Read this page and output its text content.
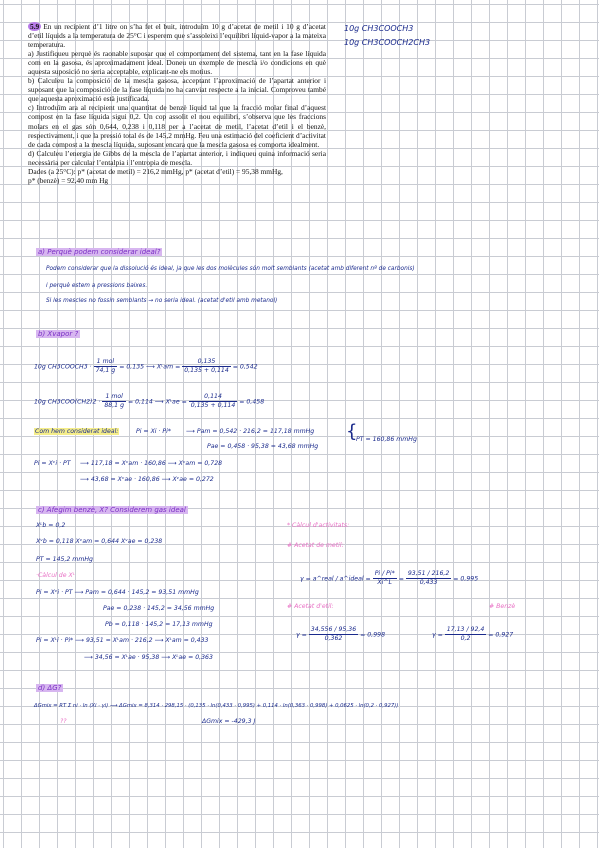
5.9 En un recipient d’1 litre on s’ha fet el buit, introduïm 10 g d’acetat de metil i 10 g d’acetat d’etil líquids a la temperatura de 25°C i esperem que s’assoleixi l’equilibri líquid-vapor a la mateixa temperatura.

a) Justifiqueu perquè és raonable suposar que el comportament del sistema, tant en la fase líquida com en la gasosa, és aproximadament ideal. Doneu un exemple de mescla i/o condicions en què aquesta suposició no seria acceptable, explicant-ne els motius.

b) Calculeu la composició de la mescla gasosa, acceptant l’aproximació de l’apartat anterior i suposant que la composició de la fase líquida no ha canviat respecte a la inicial. Comproveu també que aquesta aproximació està justificada.

c) Introduïm ara al recipient una quantitat de benzè líquid tal que la fracció molar final d’aquest compost en la fase líquida sigui 0,2. Un cop assolit el nou equilibri, s’observa que les fraccions molars en el gas són 0,644, 0,238 i 0,118 per a l’acetat de metil, l’acetat d’etil i el benzè, respectivament, i que la pressió total és de 145,2 mmHg. Feu una estimació del coeficient d’activitat de cada compost a la mescla líquida, suposant encara que la mescla gasosa es comporta idealment.

d) Calculeu l’energia de Gibbs de la mescla de l’apartat anterior, i indiqueu quina informació seria necessària per calcular l’entalpia i l’entropia de mescla.

Dades (a 25°C): p* (acetat de metil) = 216,2 mmHg, p* (acetat d’etil) = 95,38 mmHg,

p* (benzè) = 92,40 mm Hg

10g CH3COOCH3
10g CH3COOCH2CH3
a) Perquè podem considerar ideal?
Podem considerar que la dissolució és ideal, ja que les dos molècules són molt semblants (acetat amb diferent nº de carbonis)
i perquè estem a pressions baixes.
Si les mescles no fossin semblants → no seria ideal. (acetat d'etil amb metanol)
b) Xvapor ?
10g CH3COOCH3 · $\frac{\text{1 mol}}{74,1 g} = 0,135$ ⟶ Xᴸam = $\frac{0,135}{0,135 + 0,114} = 0,542$
10g $CH3COO(CH2)2 \cdot \frac{\text{1 mol}}{88,1 g} = 0,114$ ⟶ Xᴸae = $\frac{0,114}{0,135 + 0,114} = 0,458$
Com hem considerat ideal:	Pi = Xi · Pi* ⟶ Pam = 0,542 · 216,2 = 117,18 mmHg
Pae = 0,458 · 95,38 = 43,68 mmHg
{
PT = 160,86 mmHg
Pi = Xᵛi · PT ⟶ 117,18 = Xᵛam · 160,86 ⟶ Xᵛam = 0,728
⟶ 43,68 = Xᵛae · 160,86 ⟶ Xᵛae = 0,272
c) Afegim benzè, X? Considerem gas ideal
Xᴸb = 0,2
Xᵛb = 0,118 Xᵛam = 0,644 Xᵛae = 0,238
PT = 145,2 mmHg
·Càlcul de Xᴸ
Pi = Xᵛi · PT ⟶ Pam = 0,644 · 145,2 = 93,51 mmHg
Pae = 0,238 · 145,2 = 34,56 mmHg
Pb = 0,118 · 145,2 = 17,13 mmHg
Pi = Xᴸi · Pi* ⟶ 93,51 = Xᴸam · 216,2 ⟶ Xᴸam = 0,433
⟶ 34,56 = Xᴸae · 95,38 ⟶ Xᴸae = 0,363
* Càlcul d'activitats:
# Acetat de metil:
γ = a^real / a^ideal = $\frac{Pi / Pi*}{Xi\^{}L} = \frac{93,51 / 216,2}{0,433} = 0,995$
# Acetat d'etil:	# Benzè
$\gamma = \frac{34,556 / 95,36}{0,362} = 0,998$	$\gamma = \frac{17,13 / 92,4}{0,2} = 0,927$
d) ΔG?
ΔGmix = RT Σ ni · ln (Xi · γi) ⟶ ΔGmix = 8,314 · 298,15 · (0,135 · ln(0,433 · 0,995) + 0,114 · ln(0,363 · 0,998) + 0,0625 · ln(0,2 · 0,927))
ΔGmix = -429,3 J
??
